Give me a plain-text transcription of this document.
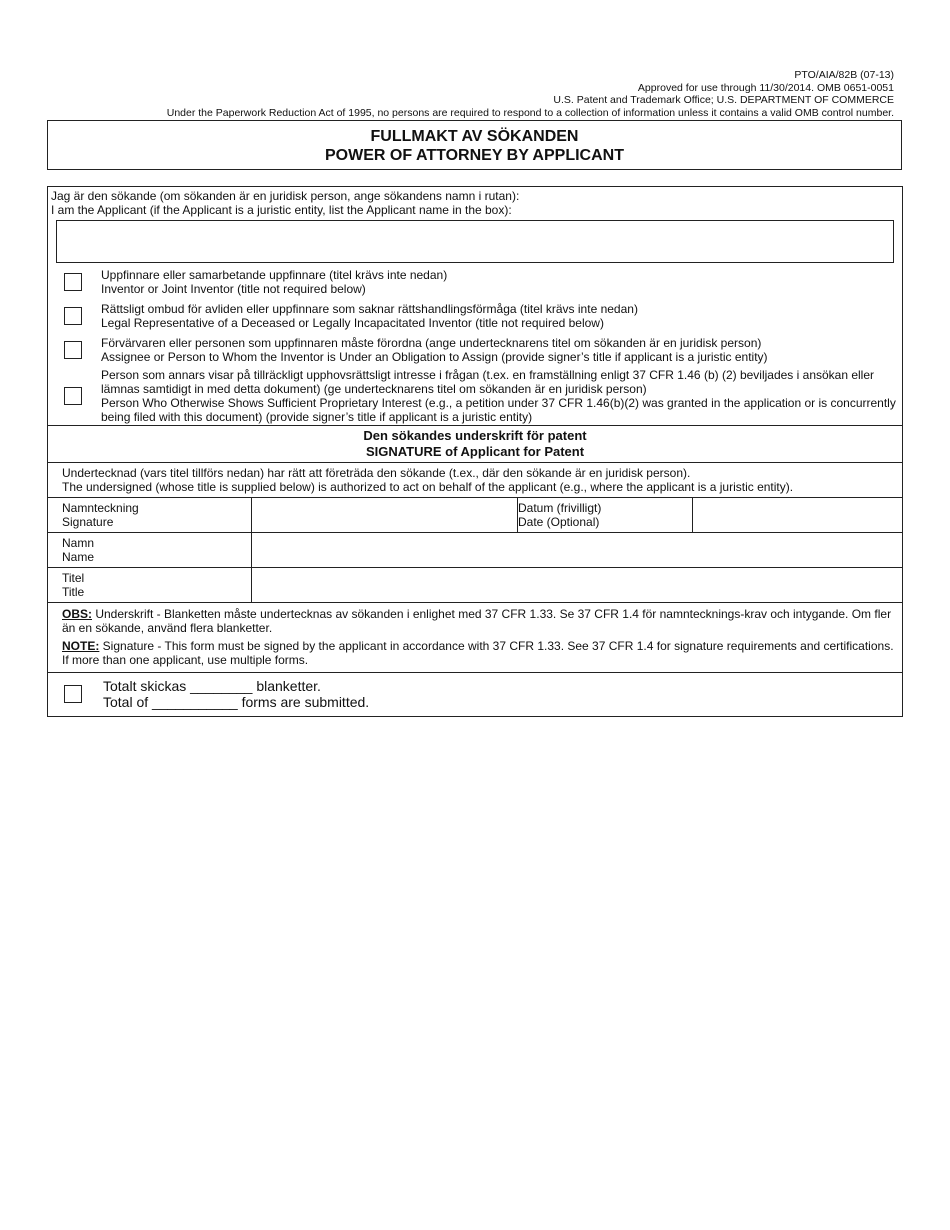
PTO/AIA/82B (07-13)
Approved for use through 11/30/2014. OMB 0651-0051
U.S. Patent and Trademark Office; U.S. DEPARTMENT OF COMMERCE
Under the Paperwork Reduction Act of 1995, no persons are required to respond to a collection of information unless it contains a valid OMB control number.
FULLMAKT AV SÖKANDEN
POWER OF ATTORNEY BY APPLICANT
Jag är den sökande (om sökanden är en juridisk person, ange sökandens namn i rutan):
I am the Applicant (if the Applicant is a juristic entity, list the Applicant name in the box):
Uppfinnare eller samarbetande uppfinnare (titel krävs inte nedan)
Inventor or Joint Inventor (title not required below)
Rättsligt ombud för avliden eller uppfinnare som saknar rättshandlingsförmåga (titel krävs inte nedan)
Legal Representative of a Deceased or Legally Incapacitated Inventor (title not required below)
Förvärvaren eller personen som uppfinnaren måste förordna (ange undertecknarens titel om sökanden är en juridisk person)
Assignee or Person to Whom the Inventor is Under an Obligation to Assign (provide signer’s title if applicant is a juristic entity)
Person som annars visar på tillräckligt upphovsrättsligt intresse i frågan (t.ex. en framställning enligt 37 CFR 1.46 (b) (2) beviljades i ansökan eller lämnas samtidigt in med detta dokument) (ge undertecknarens titel om sökanden är en juridisk person)
Person Who Otherwise Shows Sufficient Proprietary Interest (e.g., a petition under 37 CFR 1.46(b)(2) was granted in the application or is concurrently being filed with this document) (provide signer’s title if applicant is a juristic entity)
Den sökandes underskrift för patent
SIGNATURE of Applicant for Patent
Undertecknad (vars titel tillförs nedan) har rätt att företräda den sökande (t.ex., där den sökande är en juridisk person).
The undersigned (whose title is supplied below) is authorized to act on behalf of the applicant (e.g., where the applicant is a juristic entity).
Namnteckning
Signature
Datum (frivilligt)
Date (Optional)
Namn
Name
Titel
Title

OBS: Underskrift - Blanketten måste undertecknas av sökanden i enlighet med 37 CFR 1.33. Se 37 CFR 1.4 för namntecknings-krav och intygande. Om fler än en sökande, använd flera blanketter.

NOTE: Signature - This form must be signed by the applicant in accordance with 37 CFR 1.33. See 37 CFR 1.4 for signature requirements and certifications. If more than one applicant, use multiple forms.

Totalt skickas ________ blanketter.
Total of ___________ forms are submitted.
